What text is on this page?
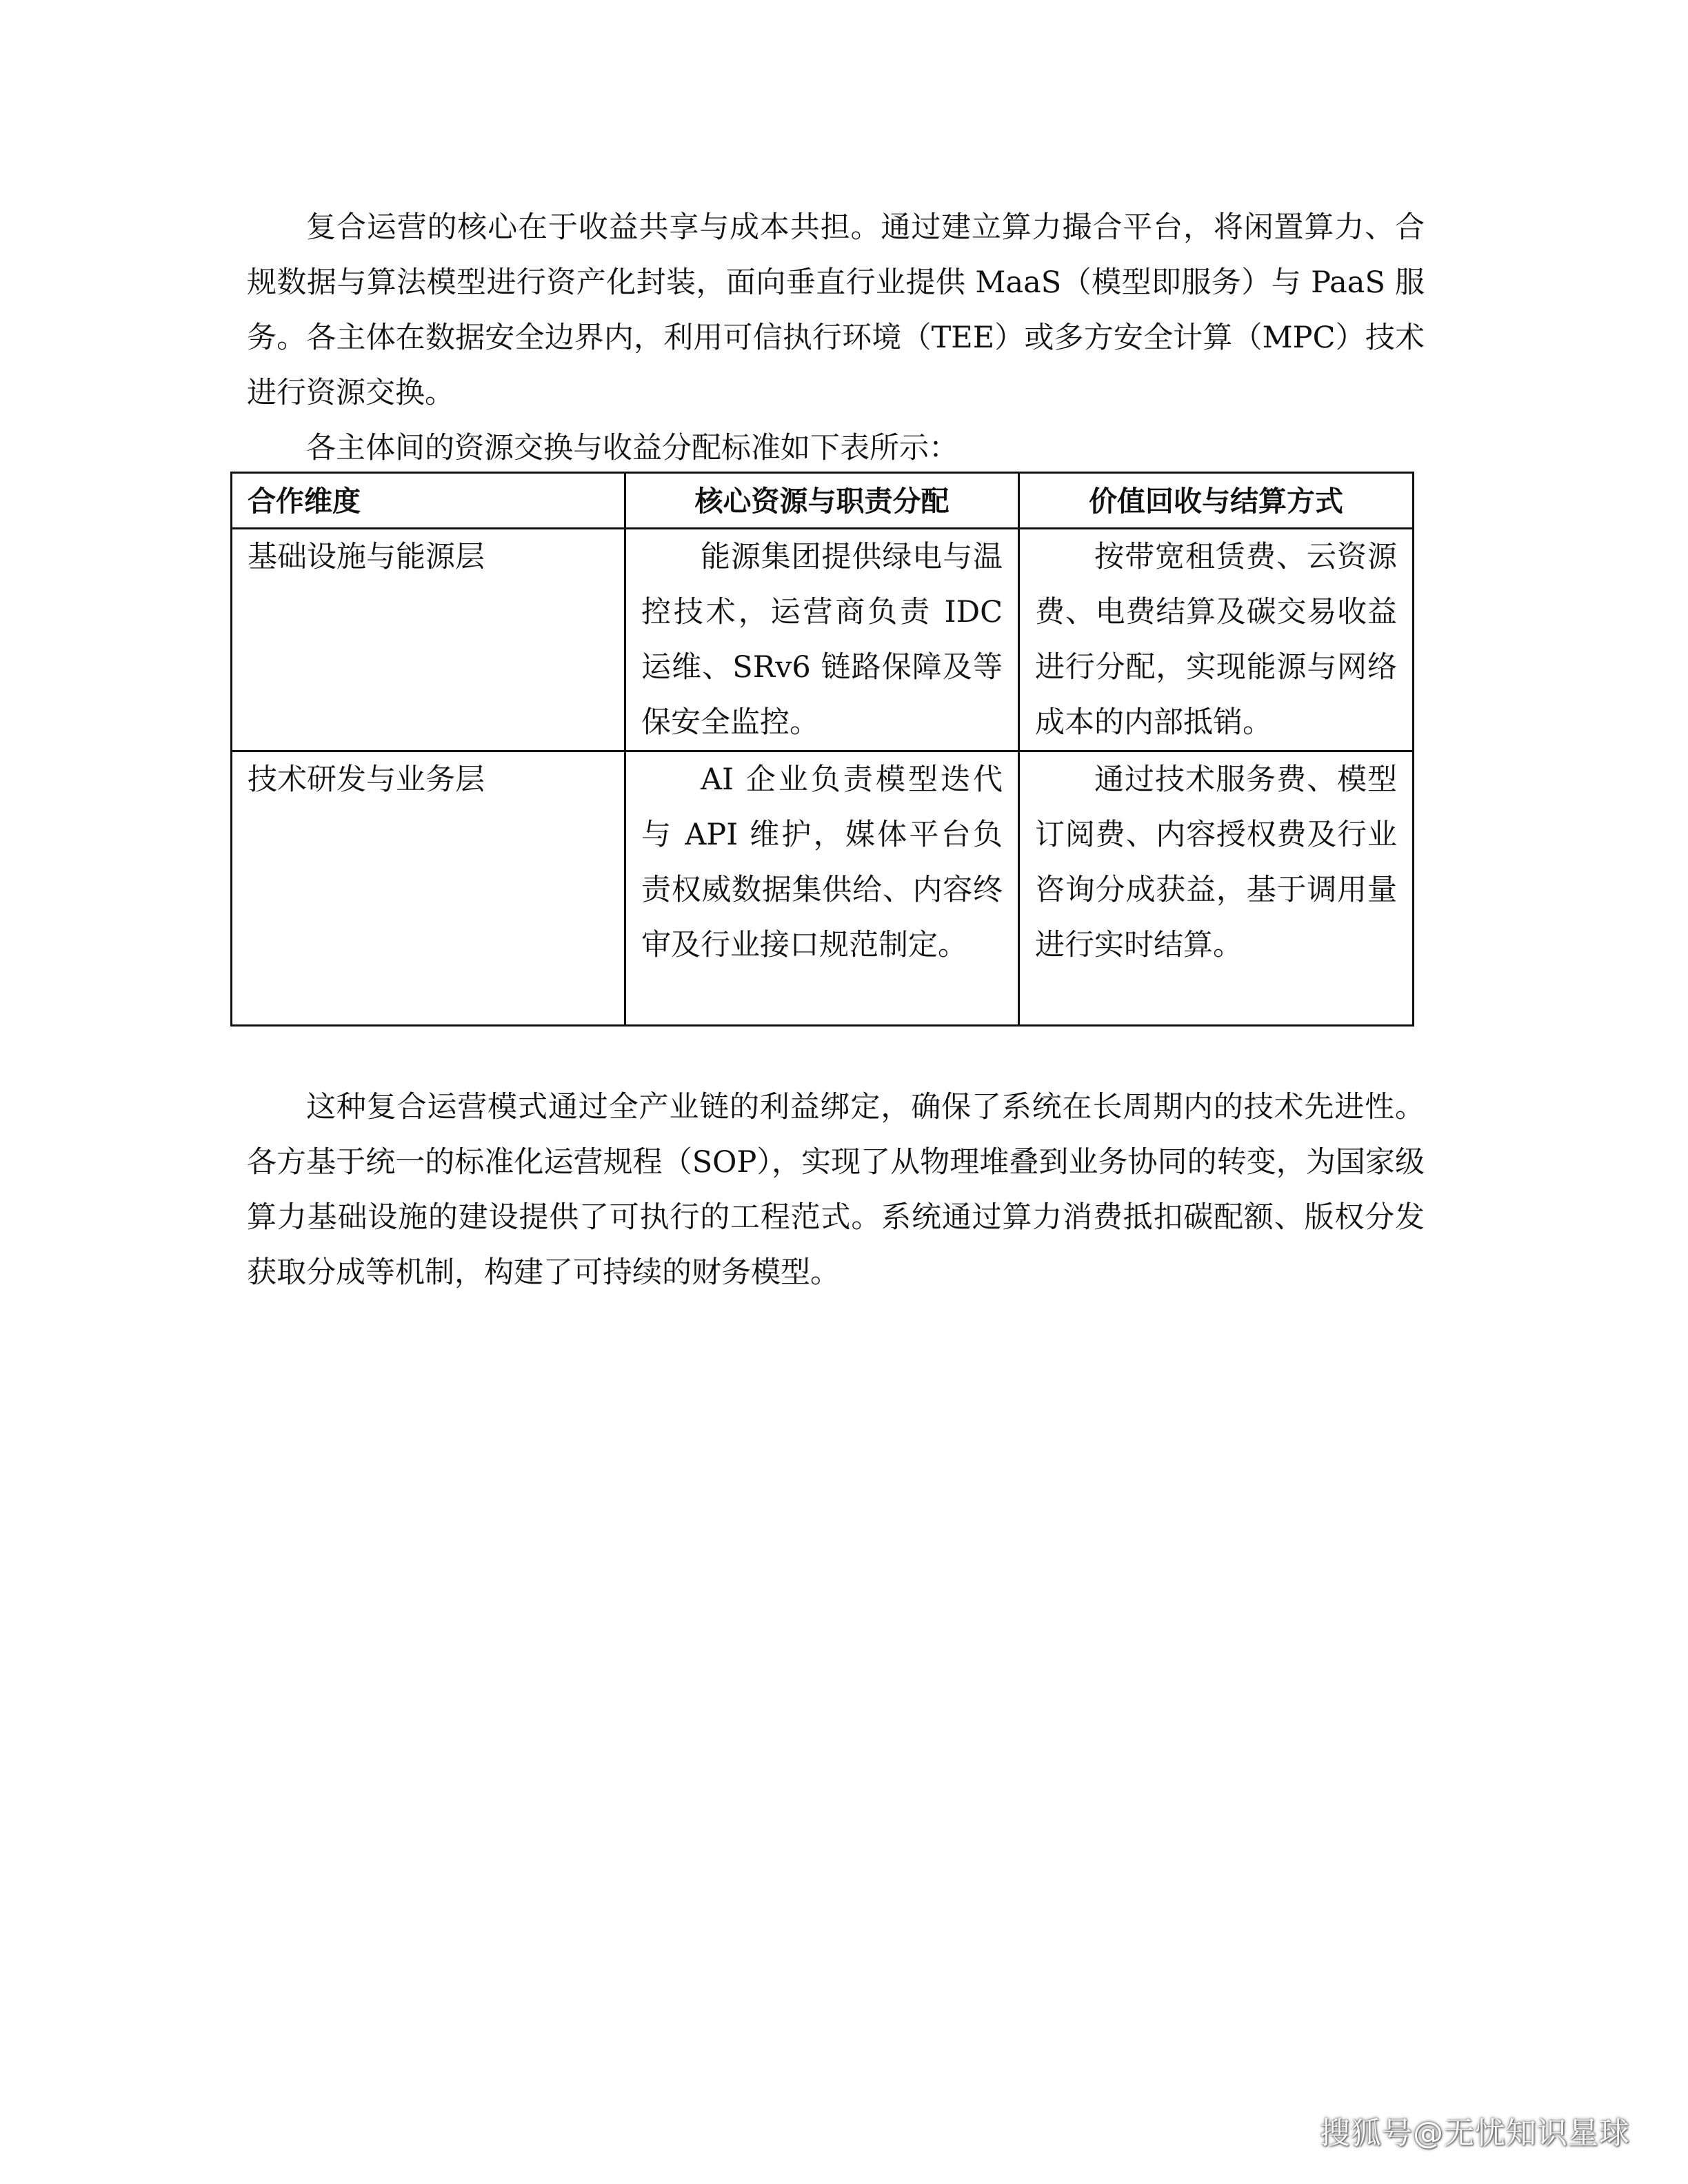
复合运营的核心在于收益共享与成本共担。通过建立算力撮合平台，将闲置算力、合规数据与算法模型进行资产化封装，面向垂直行业提供 MaaS（模型即服务）与 PaaS 服务。各主体在数据安全边界内，利用可信执行环境（TEE）或多方安全计算（MPC）技术进行资源交换。

各主体间的资源交换与收益分配标准如下表所示：

合作维度	核心资源与职责分配	价值回收与结算方式
基础设施与能源层	能源集团提供绿电与温控技术，运营商负责 IDC 运维、SRv6 链路保障及等保安全监控。	按带宽租赁费、云资源费、电费结算及碳交易收益进行分配，实现能源与网络成本的内部抵销。
技术研发与业务层	AI 企业负责模型迭代与 API 维护，媒体平台负责权威数据集供给、内容终审及行业接口规范制定。	通过技术服务费、模型订阅费、内容授权费及行业咨询分成获益，基于调用量进行实时结算。

这种复合运营模式通过全产业链的利益绑定，确保了系统在长周期内的技术先进性。各方基于统一的标准化运营规程（SOP），实现了从物理堆叠到业务协同的转变，为国家级算力基础设施的建设提供了可执行的工程范式。系统通过算力消费抵扣碳配额、版权分发获取分成等机制，构建了可持续的财务模型。

搜狐号@无忧知识星球
